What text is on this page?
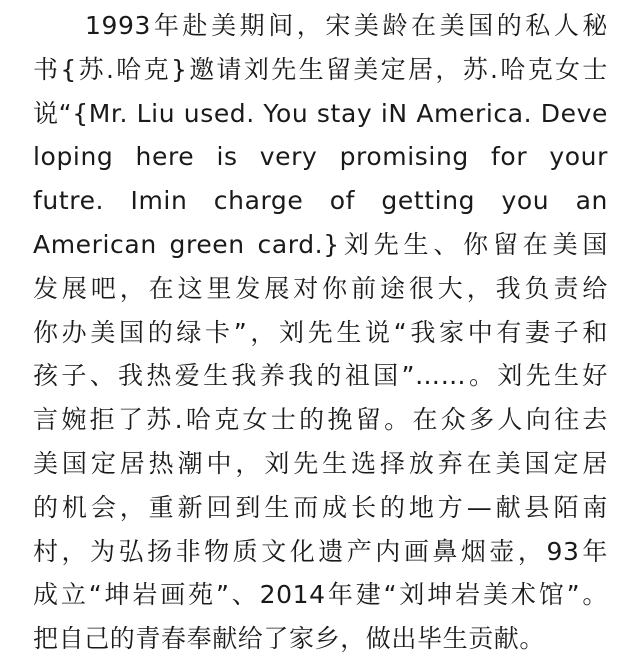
1993年赴美期间，宋美龄在美国的私人秘
书{苏.哈克}邀请刘先生留美定居，苏.哈克女士
说“{Mr. Liu used. You stay iN America. Deve
loping here is very promising for your
futre. Imin charge of getting you an
American green card.}刘先生、你留在美国
发展吧，在这里发展对你前途很大，我负责给
你办美国的绿卡”，刘先生说“我家中有妻子和
孩子、我热爱生我养我的祖国”……。刘先生好
言婉拒了苏.哈克女士的挽留。在众多人向往去
美国定居热潮中，刘先生选择放弃在美国定居
的机会，重新回到生而成长的地方—献县陌南
村，为弘扬非物质文化遗产内画鼻烟壶，93年
成立“坤岩画苑”、2014年建“刘坤岩美术馆”。
把自己的青春奉献给了家乡，做出毕生贡献。
